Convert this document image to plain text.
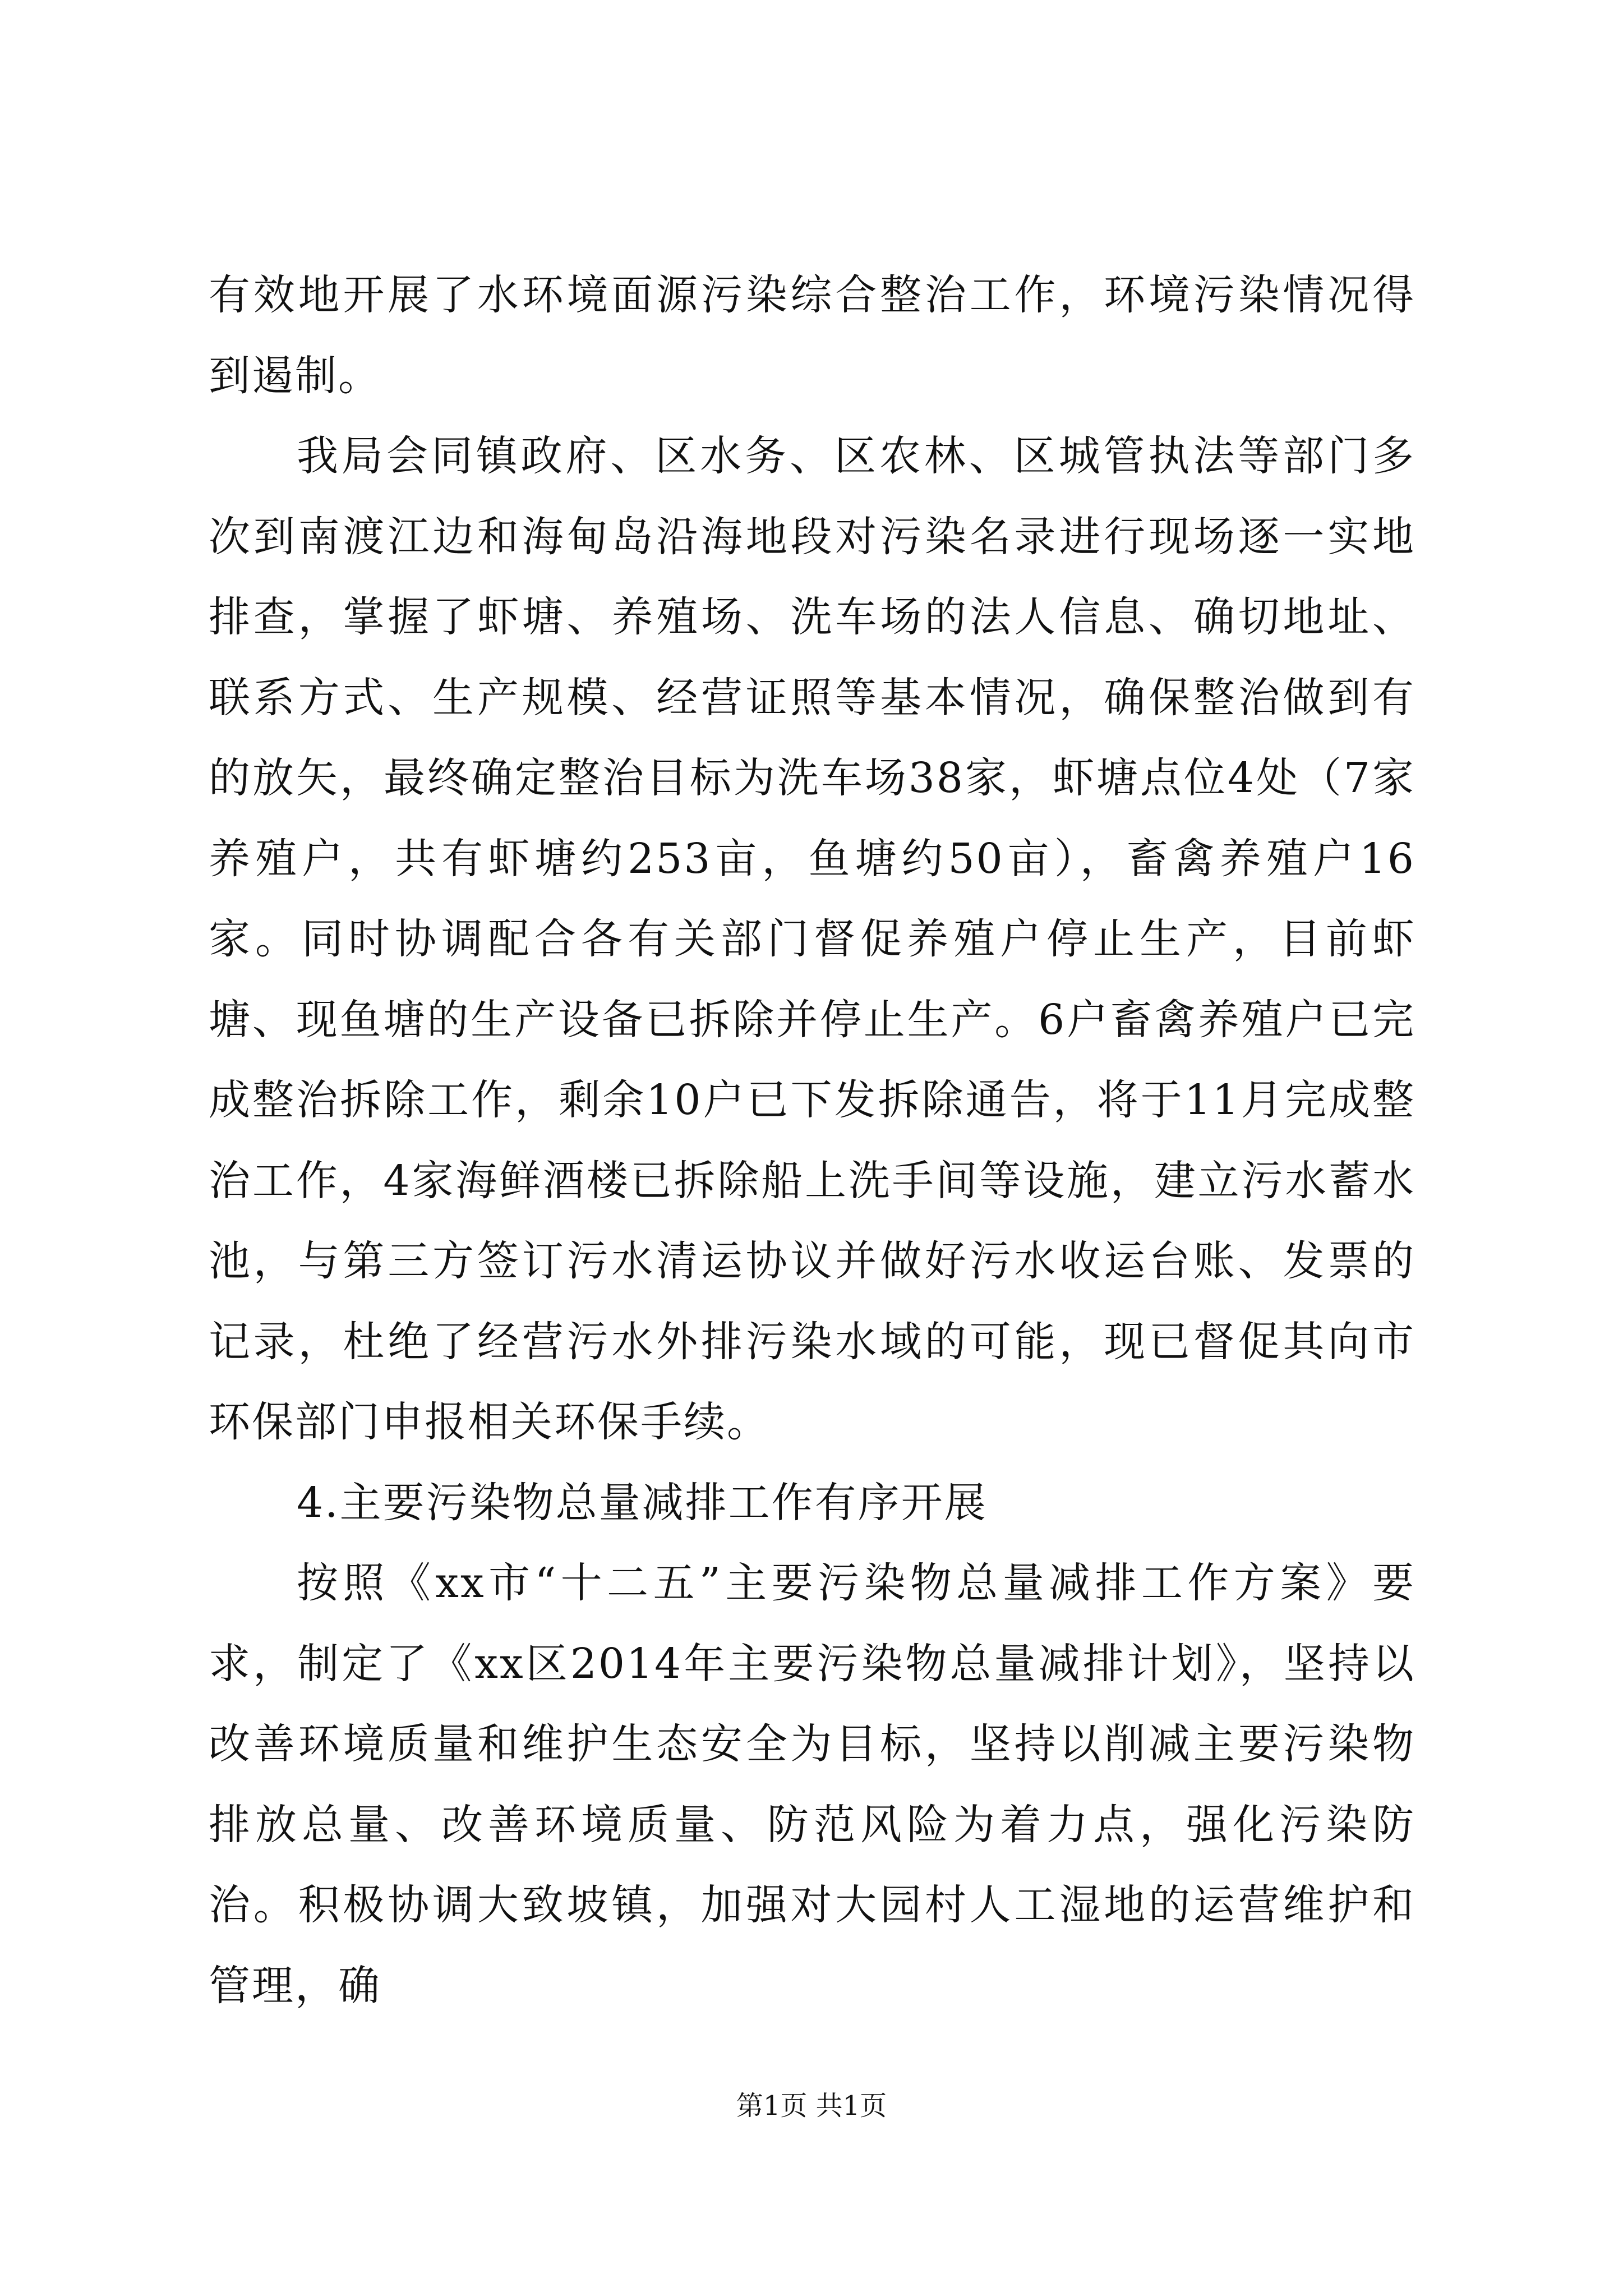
有效地开展了水环境面源污染综合整治工作，环境污染情况得到遏制。

我局会同镇政府、区水务、区农林、区城管执法等部门多次到南渡江边和海甸岛沿海地段对污染名录进行现场逐一实地排查，掌握了虾塘、养殖场、洗车场的法人信息、确切地址、联系方式、生产规模、经营证照等基本情况，确保整治做到有的放矢，最终确定整治目标为洗车场38家，虾塘点位4处（7家养殖户，共有虾塘约253亩，鱼塘约50亩），畜禽养殖户16家。同时协调配合各有关部门督促养殖户停止生产，目前虾塘、现鱼塘的生产设备已拆除并停止生产。6户畜禽养殖户已完成整治拆除工作，剩余10户已下发拆除通告，将于11月完成整治工作，4家海鲜酒楼已拆除船上洗手间等设施，建立污水蓄水池，与第三方签订污水清运协议并做好污水收运台账、发票的记录，杜绝了经营污水外排污染水域的可能，现已督促其向市环保部门申报相关环保手续。

4.主要污染物总量减排工作有序开展

按照《xx市“十二五”主要污染物总量减排工作方案》要求，制定了《xx区2014年主要污染物总量减排计划》，坚持以改善环境质量和维护生态安全为目标，坚持以削减主要污染物排放总量、改善环境质量、防范风险为着力点，强化污染防治。积极协调大致坡镇，加强对大园村人工湿地的运营维护和管理，确

第1页 共1页
